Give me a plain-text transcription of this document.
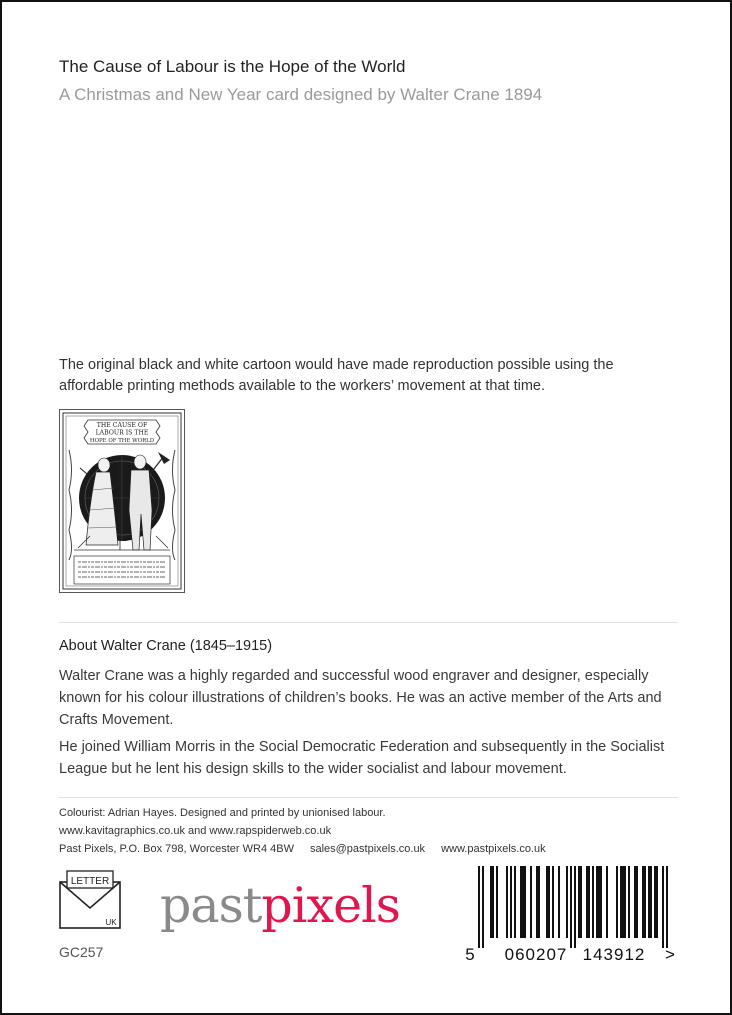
The Cause of Labour is the Hope of the World
A Christmas and New Year card designed by Walter Crane 1894
The original black and white cartoon would have made reproduction possible using the affordable printing methods available to the workers’ movement at that time.
THE CAUSE OF
LABOUR IS THE
HOPE OF THE WORLD
About Walter Crane (1845–1915)
Walter Crane was a highly regarded and successful wood engraver and designer, especially known for his colour illustrations of children’s books. He was an active member of the Arts and Crafts Movement.
He joined William Morris in the Social Democratic Federation and subsequently in the Socialist League but he lent his design skills to the wider socialist and labour movement.
Colourist: Adrian Hayes. Designed and printed by unionised labour.
www.kavitagraphics.co.uk and www.rapspiderweb.co.uk
Past Pixels, P.O. Box 798, Worcester WR4 4BW sales@pastpixels.co.uk www.pastpixels.co.uk
LETTER
UK pastpixels
GC257	5 060207 143912 >
